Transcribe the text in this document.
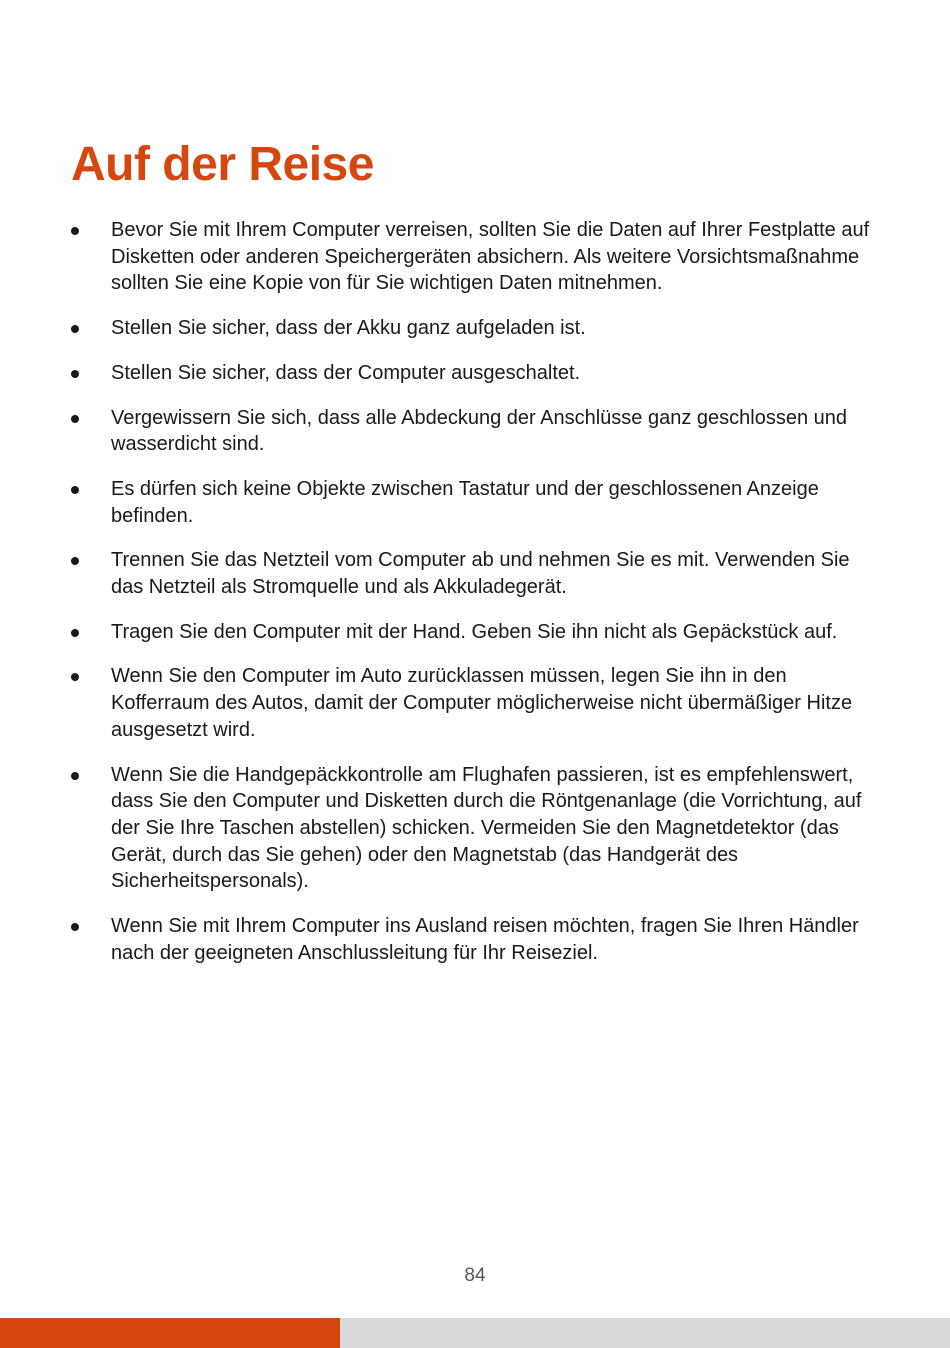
Auf der Reise
Bevor Sie mit Ihrem Computer verreisen, sollten Sie die Daten auf Ihrer Festplatte auf Disketten oder anderen Speichergeräten absichern. Als weitere Vorsichtsmaßnahme sollten Sie eine Kopie von für Sie wichtigen Daten mitnehmen.
Stellen Sie sicher, dass der Akku ganz aufgeladen ist.
Stellen Sie sicher, dass der Computer ausgeschaltet.
Vergewissern Sie sich, dass alle Abdeckung der Anschlüsse ganz geschlossen und wasserdicht sind.
Es dürfen sich keine Objekte zwischen Tastatur und der geschlossenen Anzeige befinden.
Trennen Sie das Netzteil vom Computer ab und nehmen Sie es mit. Verwenden Sie das Netzteil als Stromquelle und als Akkuladegerät.
Tragen Sie den Computer mit der Hand. Geben Sie ihn nicht als Gepäckstück auf.
Wenn Sie den Computer im Auto zurücklassen müssen, legen Sie ihn in den Kofferraum des Autos, damit der Computer möglicherweise nicht übermäßiger Hitze ausgesetzt wird.
Wenn Sie die Handgepäckkontrolle am Flughafen passieren, ist es empfehlenswert, dass Sie den Computer und Disketten durch die Röntgenanlage (die Vorrichtung, auf der Sie Ihre Taschen abstellen) schicken. Vermeiden Sie den Magnetdetektor (das Gerät, durch das Sie gehen) oder den Magnetstab (das Handgerät des Sicherheitspersonals).
Wenn Sie mit Ihrem Computer ins Ausland reisen möchten, fragen Sie Ihren Händler nach der geeigneten Anschlussleitung für Ihr Reiseziel.
84
